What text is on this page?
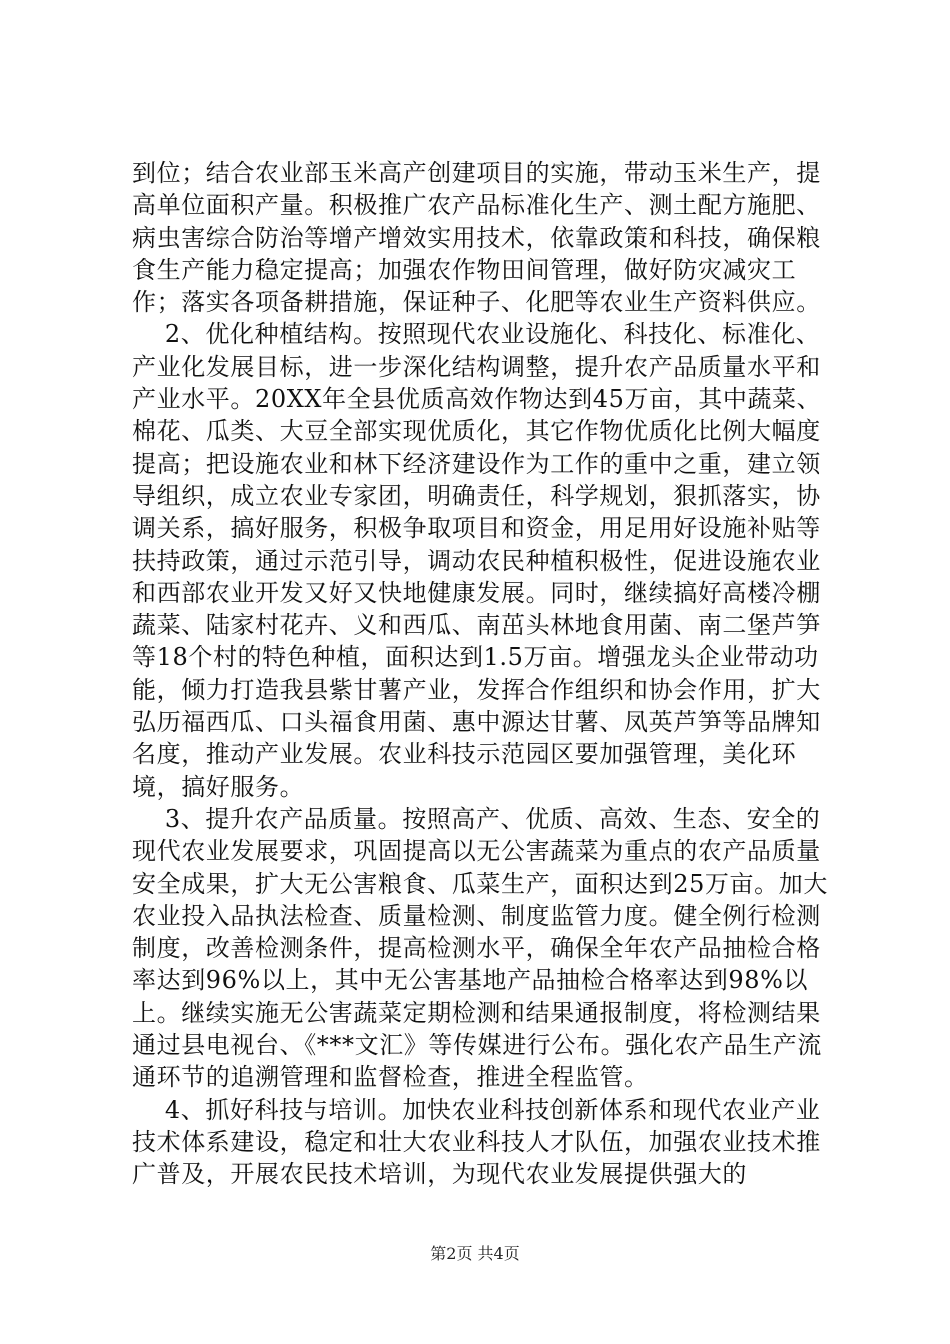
到位；结合农业部玉米高产创建项目的实施，带动玉米生产，提高单位面积产量。积极推广农产品标准化生产、测土配方施肥、病虫害综合防治等增产增效实用技术，依靠政策和科技，确保粮食生产能力稳定提高；加强农作物田间管理，做好防灾减灾工作；落实各项备耕措施，保证种子、化肥等农业生产资料供应。

2、优化种植结构。按照现代农业设施化、科技化、标准化、产业化发展目标，进一步深化结构调整，提升农产品质量水平和产业水平。20XX年全县优质高效作物达到45万亩，其中蔬菜、棉花、瓜类、大豆全部实现优质化，其它作物优质化比例大幅度提高；把设施农业和林下经济建设作为工作的重中之重，建立领导组织，成立农业专家团，明确责任，科学规划，狠抓落实，协调关系，搞好服务，积极争取项目和资金，用足用好设施补贴等扶持政策，通过示范引导，调动农民种植积极性，促进设施农业和西部农业开发又好又快地健康发展。同时，继续搞好高楼冷棚蔬菜、陆家村花卉、义和西瓜、南茁头林地食用菌、南二堡芦笋等18个村的特色种植，面积达到1.5万亩。增强龙头企业带动功能，倾力打造我县紫甘薯产业，发挥合作组织和协会作用，扩大弘历福西瓜、口头福食用菌、惠中源达甘薯、凤英芦笋等品牌知名度，推动产业发展。农业科技示范园区要加强管理，美化环境，搞好服务。

3、提升农产品质量。按照高产、优质、高效、生态、安全的现代农业发展要求，巩固提高以无公害蔬菜为重点的农产品质量安全成果，扩大无公害粮食、瓜菜生产，面积达到25万亩。加大农业投入品执法检查、质量检测、制度监管力度。健全例行检测制度，改善检测条件，提高检测水平，确保全年农产品抽检合格率达到96%以上，其中无公害基地产品抽检合格率达到98%以上。继续实施无公害蔬菜定期检测和结果通报制度，将检测结果通过县电视台、《***文汇》等传媒进行公布。强化农产品生产流通环节的追溯管理和监督检查，推进全程监管。

4、抓好科技与培训。加快农业科技创新体系和现代农业产业技术体系建设，稳定和壮大农业科技人才队伍，加强农业技术推广普及，开展农民技术培训，为现代农业发展提供强大的

第2页 共4页
